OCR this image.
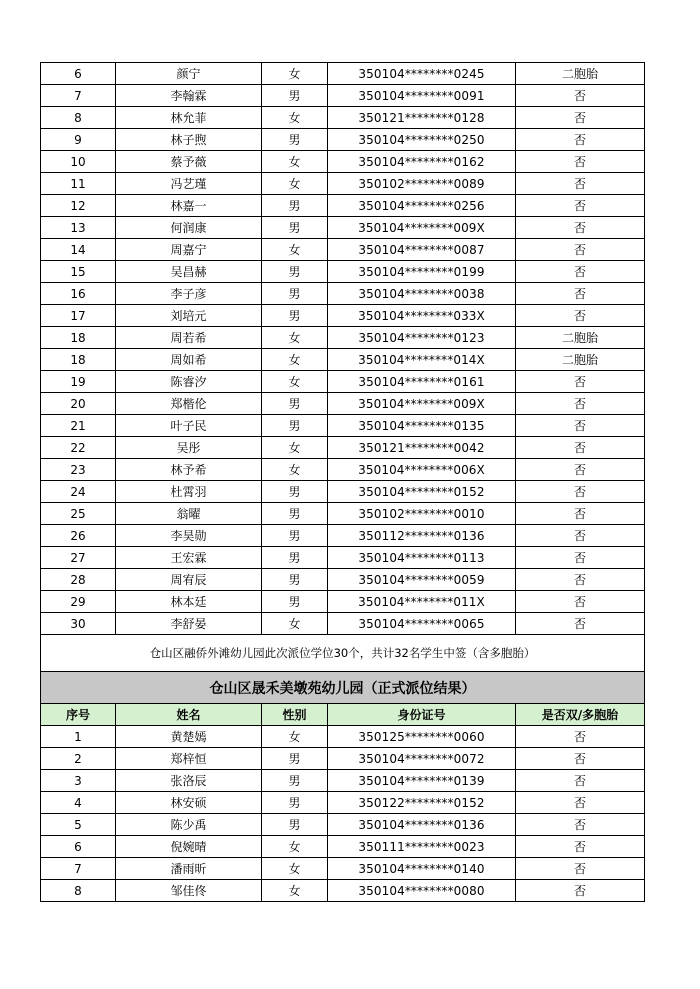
6	颜宁	女	350104********0245	二胞胎
7	李翰霖	男	350104********0091	否
8	林允菲	女	350121********0128	否
9	林子煦	男	350104********0250	否
10	蔡予薇	女	350104********0162	否
11	冯艺瑾	女	350102********0089	否
12	林嘉一	男	350104********0256	否
13	何润康	男	350104********009X	否
14	周嘉宁	女	350104********0087	否
15	吴昌赫	男	350104********0199	否
16	李子彦	男	350104********0038	否
17	刘培元	男	350104********033X	否
18	周若希	女	350104********0123	二胞胎
18	周如希	女	350104********014X	二胞胎
19	陈睿汐	女	350104********0161	否
20	郑楷伦	男	350104********009X	否
21	叶子民	男	350104********0135	否
22	吴彤	女	350121********0042	否
23	林予希	女	350104********006X	否
24	杜霄羽	男	350104********0152	否
25	翁曜	男	350102********0010	否
26	李昊勋	男	350112********0136	否
27	王宏霖	男	350104********0113	否
28	周宥辰	男	350104********0059	否
29	林本廷	男	350104********011X	否
30	李舒晏	女	350104********0065	否
仓山区融侨外滩幼儿园此次派位学位30个，共计32名学生中签（含多胞胎）				
仓山区晟禾美墩苑幼儿园（正式派位结果）				
序号	姓名	性别	身份证号	是否双/多胞胎
1	黄楚嫣	女	350125********0060	否
2	郑梓恒	男	350104********0072	否
3	张洛辰	男	350104********0139	否
4	林安硕	男	350122********0152	否
5	陈少禹	男	350104********0136	否
6	倪婉晴	女	350111********0023	否
7	潘雨昕	女	350104********0140	否
8	邹佳佟	女	350104********0080	否
